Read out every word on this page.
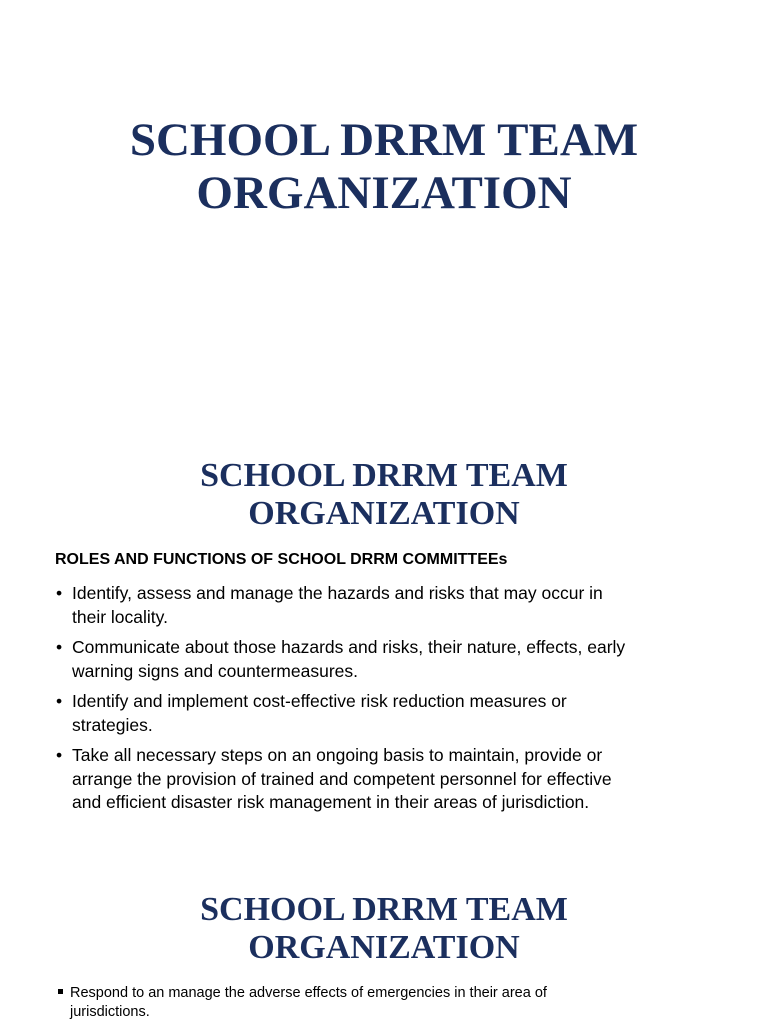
SCHOOL DRRM TEAM
ORGANIZATION
SCHOOL DRRM TEAM
ORGANIZATION

ROLES AND FUNCTIONS OF SCHOOL DRRM COMMITTEEs

• Identify, assess and manage the hazards and risks that may occur in
their locality.
• Communicate about those hazards and risks, their nature, effects, early
warning signs and countermeasures.
• Identify and implement cost-effective risk reduction measures or
strategies.
• Take all necessary steps on an ongoing basis to maintain, provide or
arrange the provision of trained and competent personnel for effective
and efficient disaster risk management in their areas of jurisdiction.
SCHOOL DRRM TEAM
ORGANIZATION
Respond to an manage the adverse effects of emergencies in their area of
jurisdictions.
